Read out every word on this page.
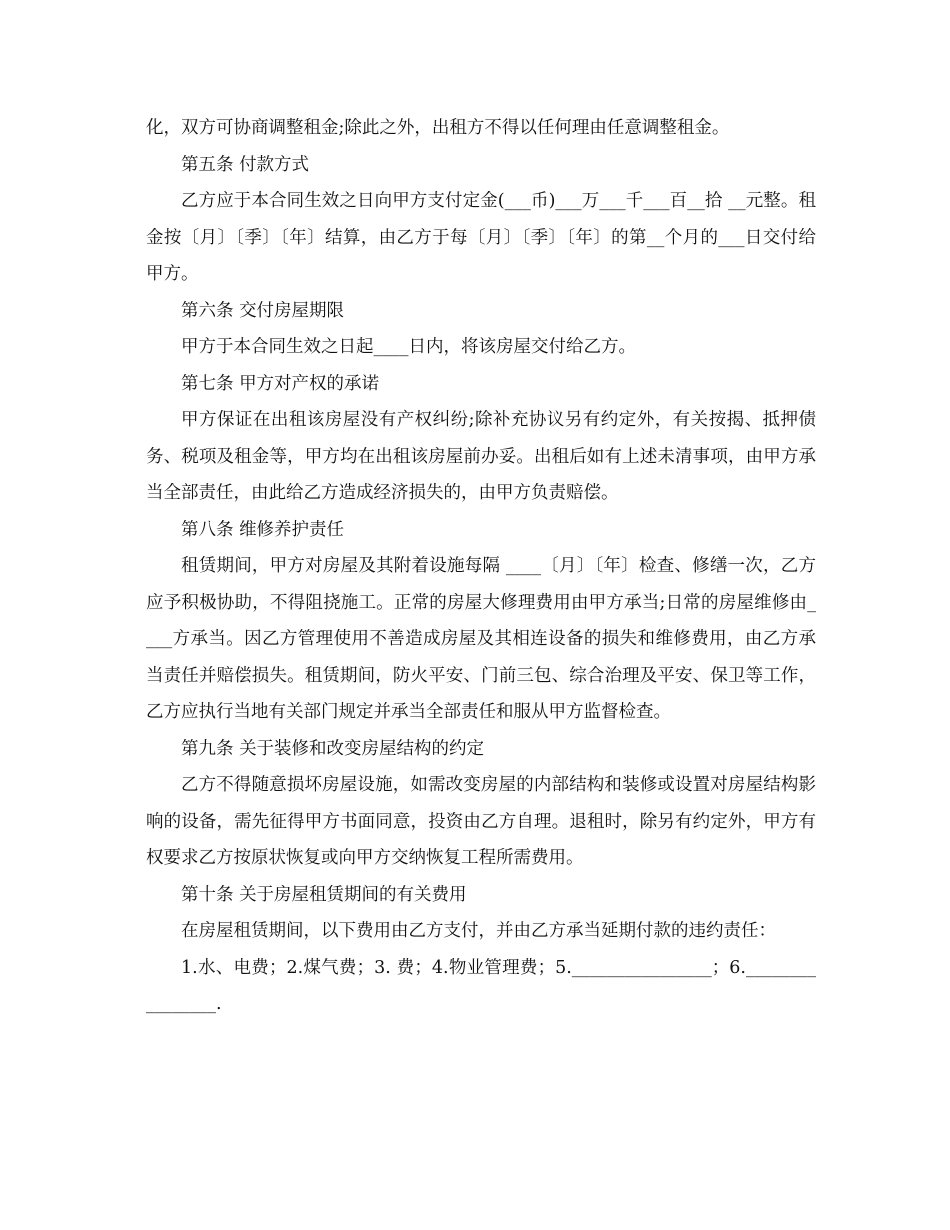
化，双方可协商调整租金;除此之外，出租方不得以任何理由任意调整租金。

第五条 付款方式

乙方应于本合同生效之日向甲方支付定金(___币)___万___千___百__拾 __元整。租金按〔月〕〔季〕〔年〕结算，由乙方于每〔月〕〔季〕〔年〕的第__个月的___日交付给甲方。

第六条 交付房屋期限

甲方于本合同生效之日起____日内，将该房屋交付给乙方。

第七条 甲方对产权的承诺

甲方保证在出租该房屋没有产权纠纷;除补充协议另有约定外，有关按揭、抵押债务、税项及租金等，甲方均在出租该房屋前办妥。出租后如有上述未清事项，由甲方承当全部责任，由此给乙方造成经济损失的，由甲方负责赔偿。

第八条 维修养护责任

租赁期间，甲方对房屋及其附着设施每隔 ____〔月〕〔年〕检查、修缮一次，乙方应予积极协助，不得阻挠施工。正常的房屋大修理费用由甲方承当;日常的房屋维修由____方承当。因乙方管理使用不善造成房屋及其相连设备的损失和维修费用，由乙方承当责任并赔偿损失。租赁期间，防火平安、门前三包、综合治理及平安、保卫等工作，乙方应执行当地有关部门规定并承当全部责任和服从甲方监督检查。

第九条 关于装修和改变房屋结构的约定

乙方不得随意损坏房屋设施，如需改变房屋的内部结构和装修或设置对房屋结构影响的设备，需先征得甲方书面同意，投资由乙方自理。退租时，除另有约定外，甲方有权要求乙方按原状恢复或向甲方交纳恢复工程所需费用。

第十条 关于房屋租赁期间的有关费用

在房屋租赁期间，以下费用由乙方支付，并由乙方承当延期付款的违约责任：

1.水、电费；2.煤气费；3. 费；4.物业管理费；5.________________；6.________________.
